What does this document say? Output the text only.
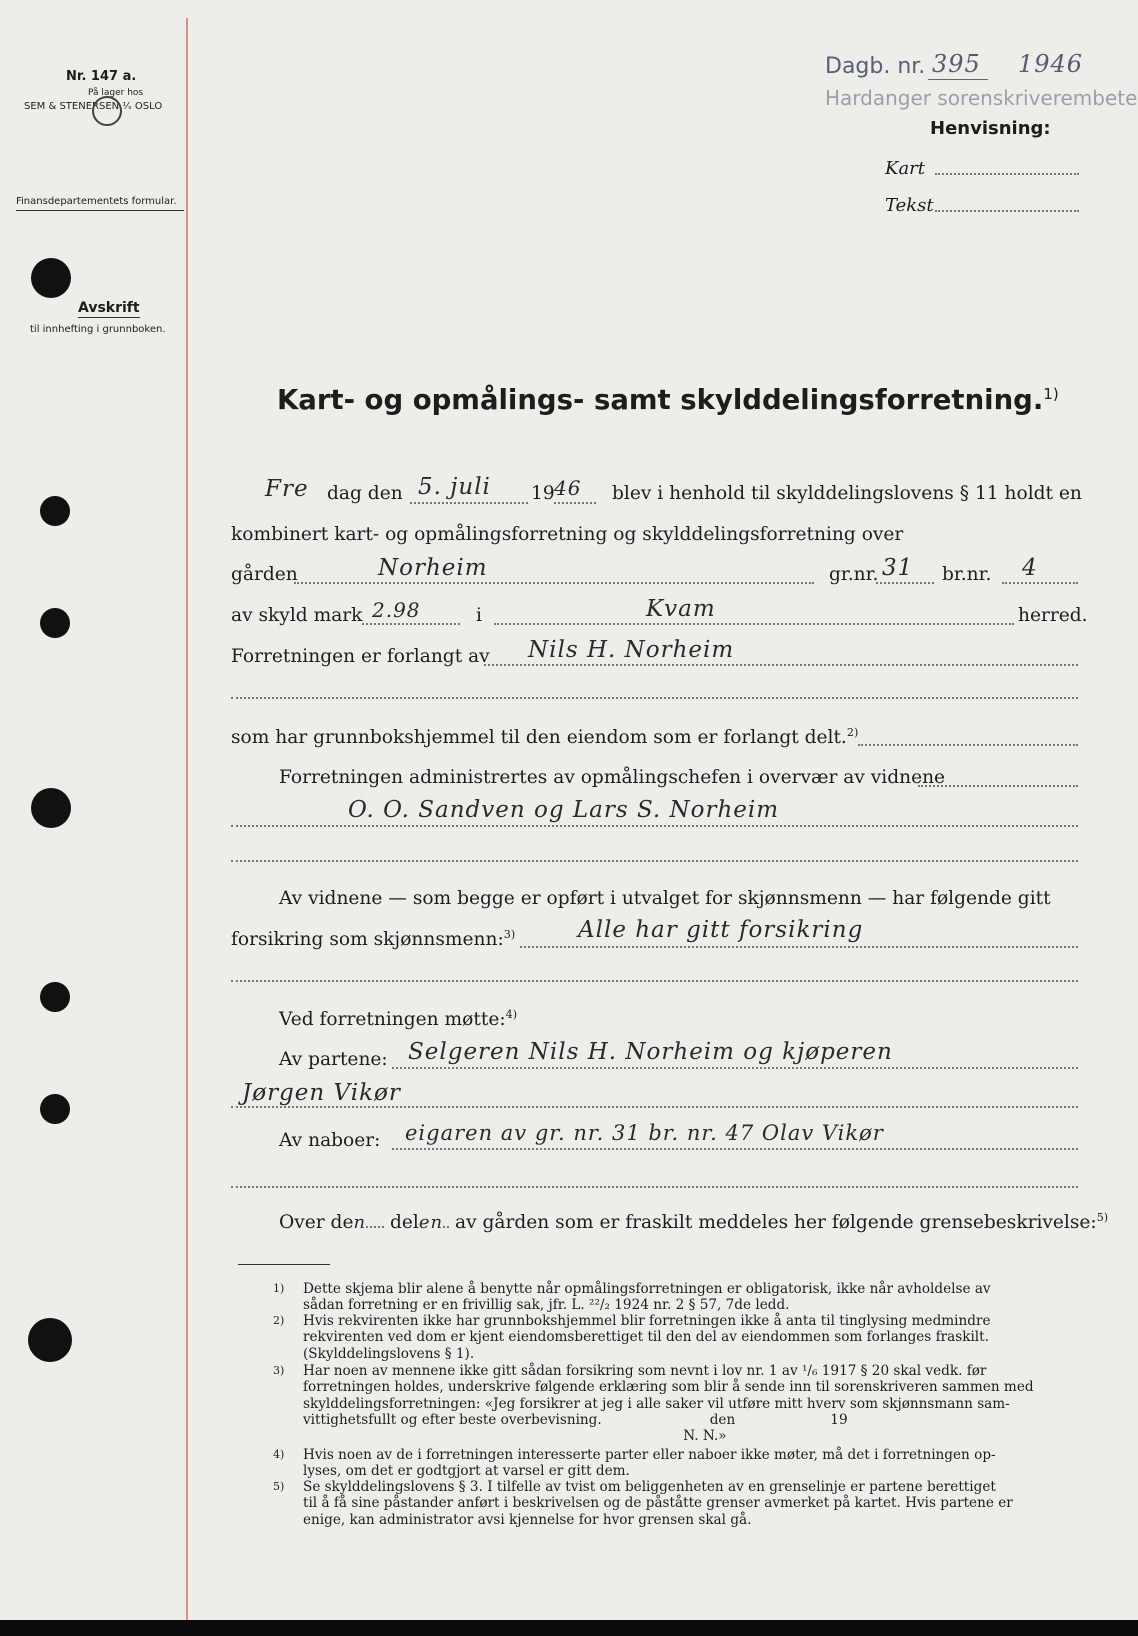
Nr. 147 a.
På lager hos
SEM & STENERSEN ⅟ₛ OSLO
Finansdepartementets formular.
Avskrift
til innhefting i grunnboken.
Dagb. nr. 395 1946
Hardanger sorenskriverembete
Henvisning:
Kart
Tekst
Kart- og opmålings- samt skylddelingsforretning.$^{1)}$
Fre dag den 5. juli 19 46 blev i henhold til skylddelingslovens § 11 holdt en
kombinert kart- og opmålingsforretning og skylddelingsforretning over
gården	Norheim	gr.nr. 31 br.nr. 4
av skyld mark 2.98	i	Kvam	herred.
Forretningen er forlangt av Nils H. Norheim
som har grunnbokshjemmel til den eiendom som er forlangt delt.$^{2)}$
Forretningen administrertes av opmålingschefen i overvær av vidnene
O. O. Sandven og Lars S. Norheim
Av vidnene — som begge er opført i utvalget for skjønnsmenn — har følgende gitt
forsikring som skjønnsmenn:$^{3)}$	Alle har gitt forsikring
Ved forretningen møtte:$^{4)}$
Av partene: Selgeren Nils H. Norheim og kjøperen
Jørgen Vikør
Av naboer: eigaren av gr. nr. 31 br. nr. 47 Olav Vikør
Over den delen av gården som er fraskilt meddeles her følgende grensebeskrivelse:$^{5)}$
1) Dette skjema blir alene å benytte når opmålingsforretningen er obligatorisk, ikke når avholdelse av
sådan forretning er en frivillig sak, jfr. L. ²²/₂ 1924 nr. 2 § 57, 7de ledd.
2) Hvis rekvirenten ikke har grunnbokshjemmel blir forretningen ikke å anta til tinglysing medmindre
rekvirenten ved dom er kjent eiendomsberettiget til den del av eiendommen som forlanges fraskilt.
(Skylddelingslovens § 1).
3) Har noen av mennene ikke gitt sådan forsikring som nevnt i lov nr. 1 av ¹/₆ 1917 § 20 skal vedk. før
forretningen holdes, underskrive følgende erklæring som blir å sende inn til sorenskriveren sammen med
skylddelingsforretningen: «Jeg forsikrer at jeg i alle saker vil utføre mitt hverv som skjønnsmann sam-
vittighetsfullt og efter beste overbevisning.                         den                      19
N. N.»
4) Hvis noen av de i forretningen interesserte parter eller naboer ikke møter, må det i forretningen op-
lyses, om det er godtgjort at varsel er gitt dem.
5) Se skylddelingslovens § 3. I tilfelle av tvist om beliggenheten av en grenselinje er partene berettiget
til å få sine påstander anført i beskrivelsen og de påståtte grenser avmerket på kartet. Hvis partene er
enige, kan administrator avsi kjennelse for hvor grensen skal gå.
